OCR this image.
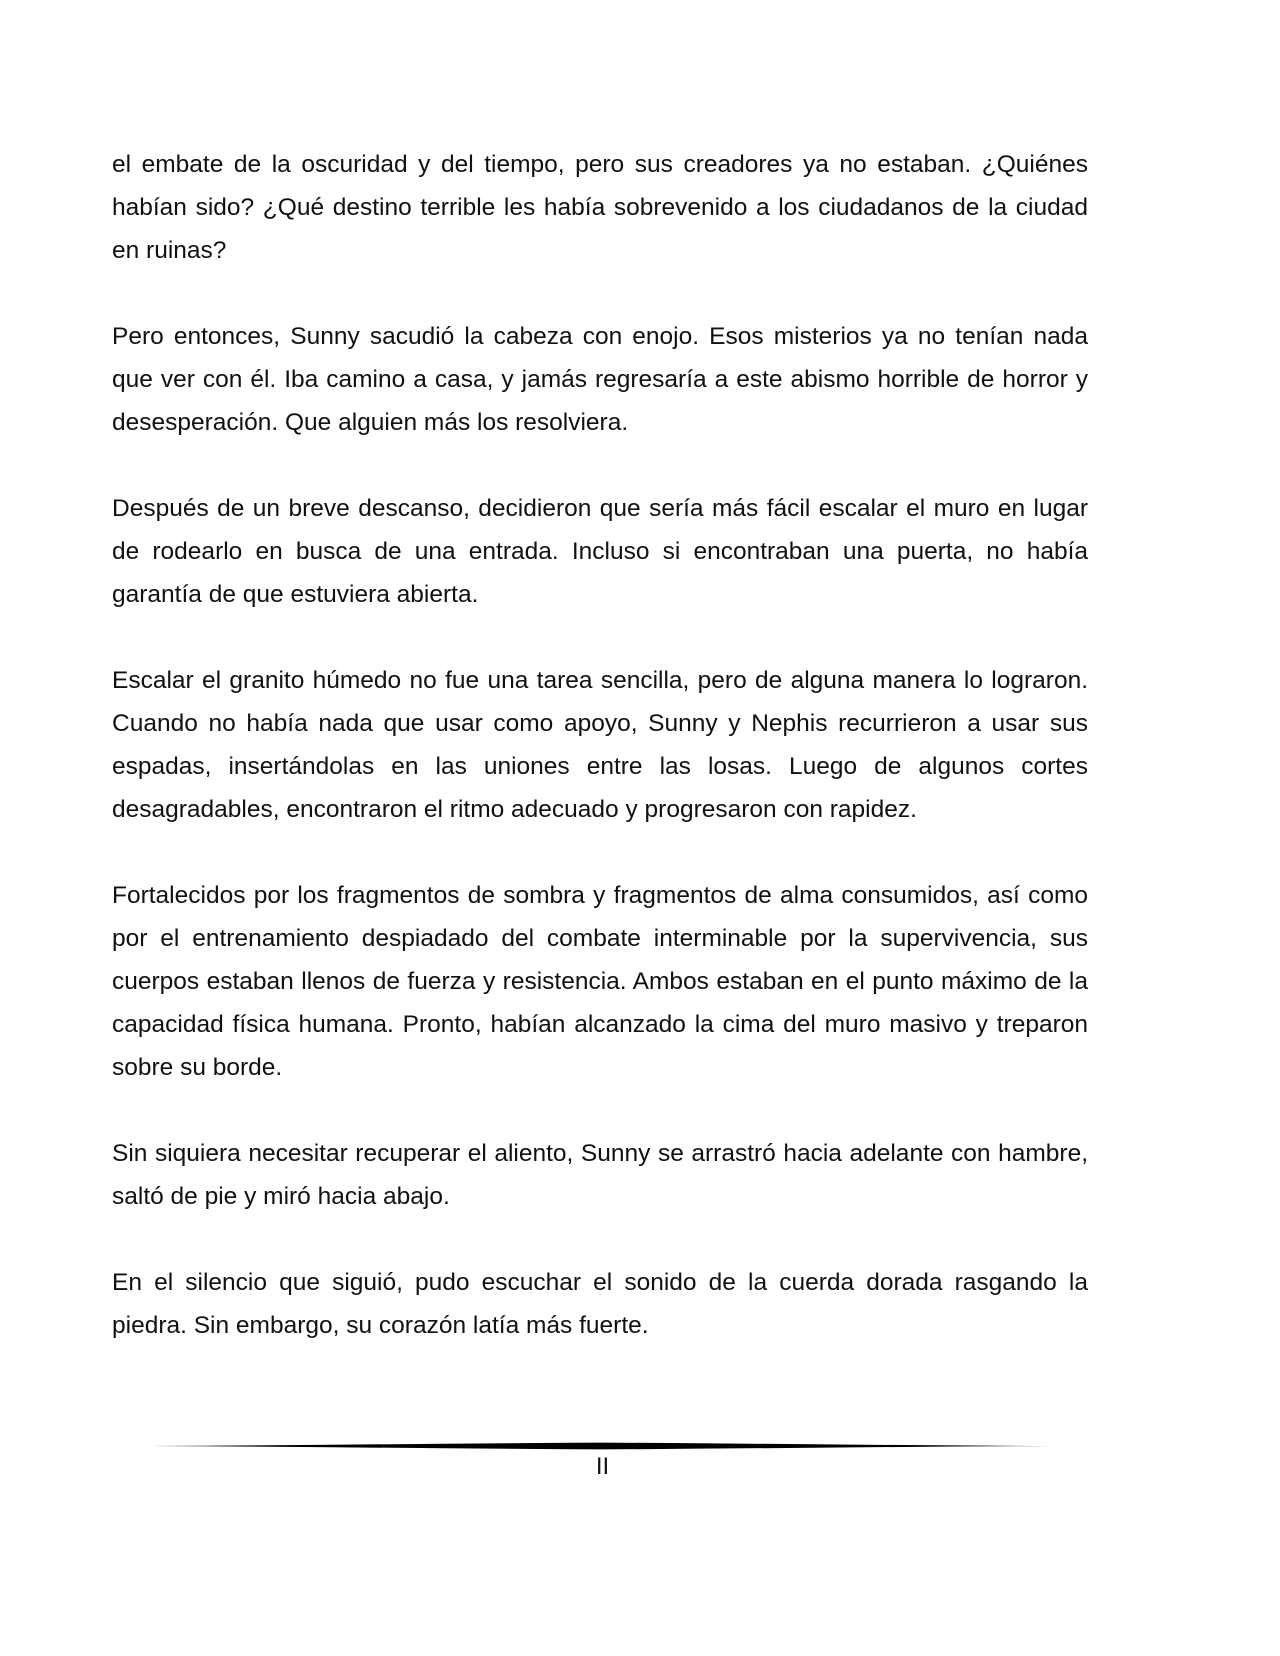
el embate de la oscuridad y del tiempo, pero sus creadores ya no estaban. ¿Quiénes habían sido? ¿Qué destino terrible les había sobrevenido a los ciudadanos de la ciudad en ruinas?

Pero entonces, Sunny sacudió la cabeza con enojo. Esos misterios ya no tenían nada que ver con él. Iba camino a casa, y jamás regresaría a este abismo horrible de horror y desesperación. Que alguien más los resolviera.

Después de un breve descanso, decidieron que sería más fácil escalar el muro en lugar de rodearlo en busca de una entrada. Incluso si encontraban una puerta, no había garantía de que estuviera abierta.

Escalar el granito húmedo no fue una tarea sencilla, pero de alguna manera lo lograron. Cuando no había nada que usar como apoyo, Sunny y Nephis recurrieron a usar sus espadas, insertándolas en las uniones entre las losas. Luego de algunos cortes desagradables, encontraron el ritmo adecuado y progresaron con rapidez.

Fortalecidos por los fragmentos de sombra y fragmentos de alma consumidos, así como por el entrenamiento despiadado del combate interminable por la supervivencia, sus cuerpos estaban llenos de fuerza y resistencia. Ambos estaban en el punto máximo de la capacidad física humana. Pronto, habían alcanzado la cima del muro masivo y treparon sobre su borde.

Sin siquiera necesitar recuperar el aliento, Sunny se arrastró hacia adelante con hambre, saltó de pie y miró hacia abajo.

En el silencio que siguió, pudo escuchar el sonido de la cuerda dorada rasgando la piedra. Sin embargo, su corazón latía más fuerte.

II
